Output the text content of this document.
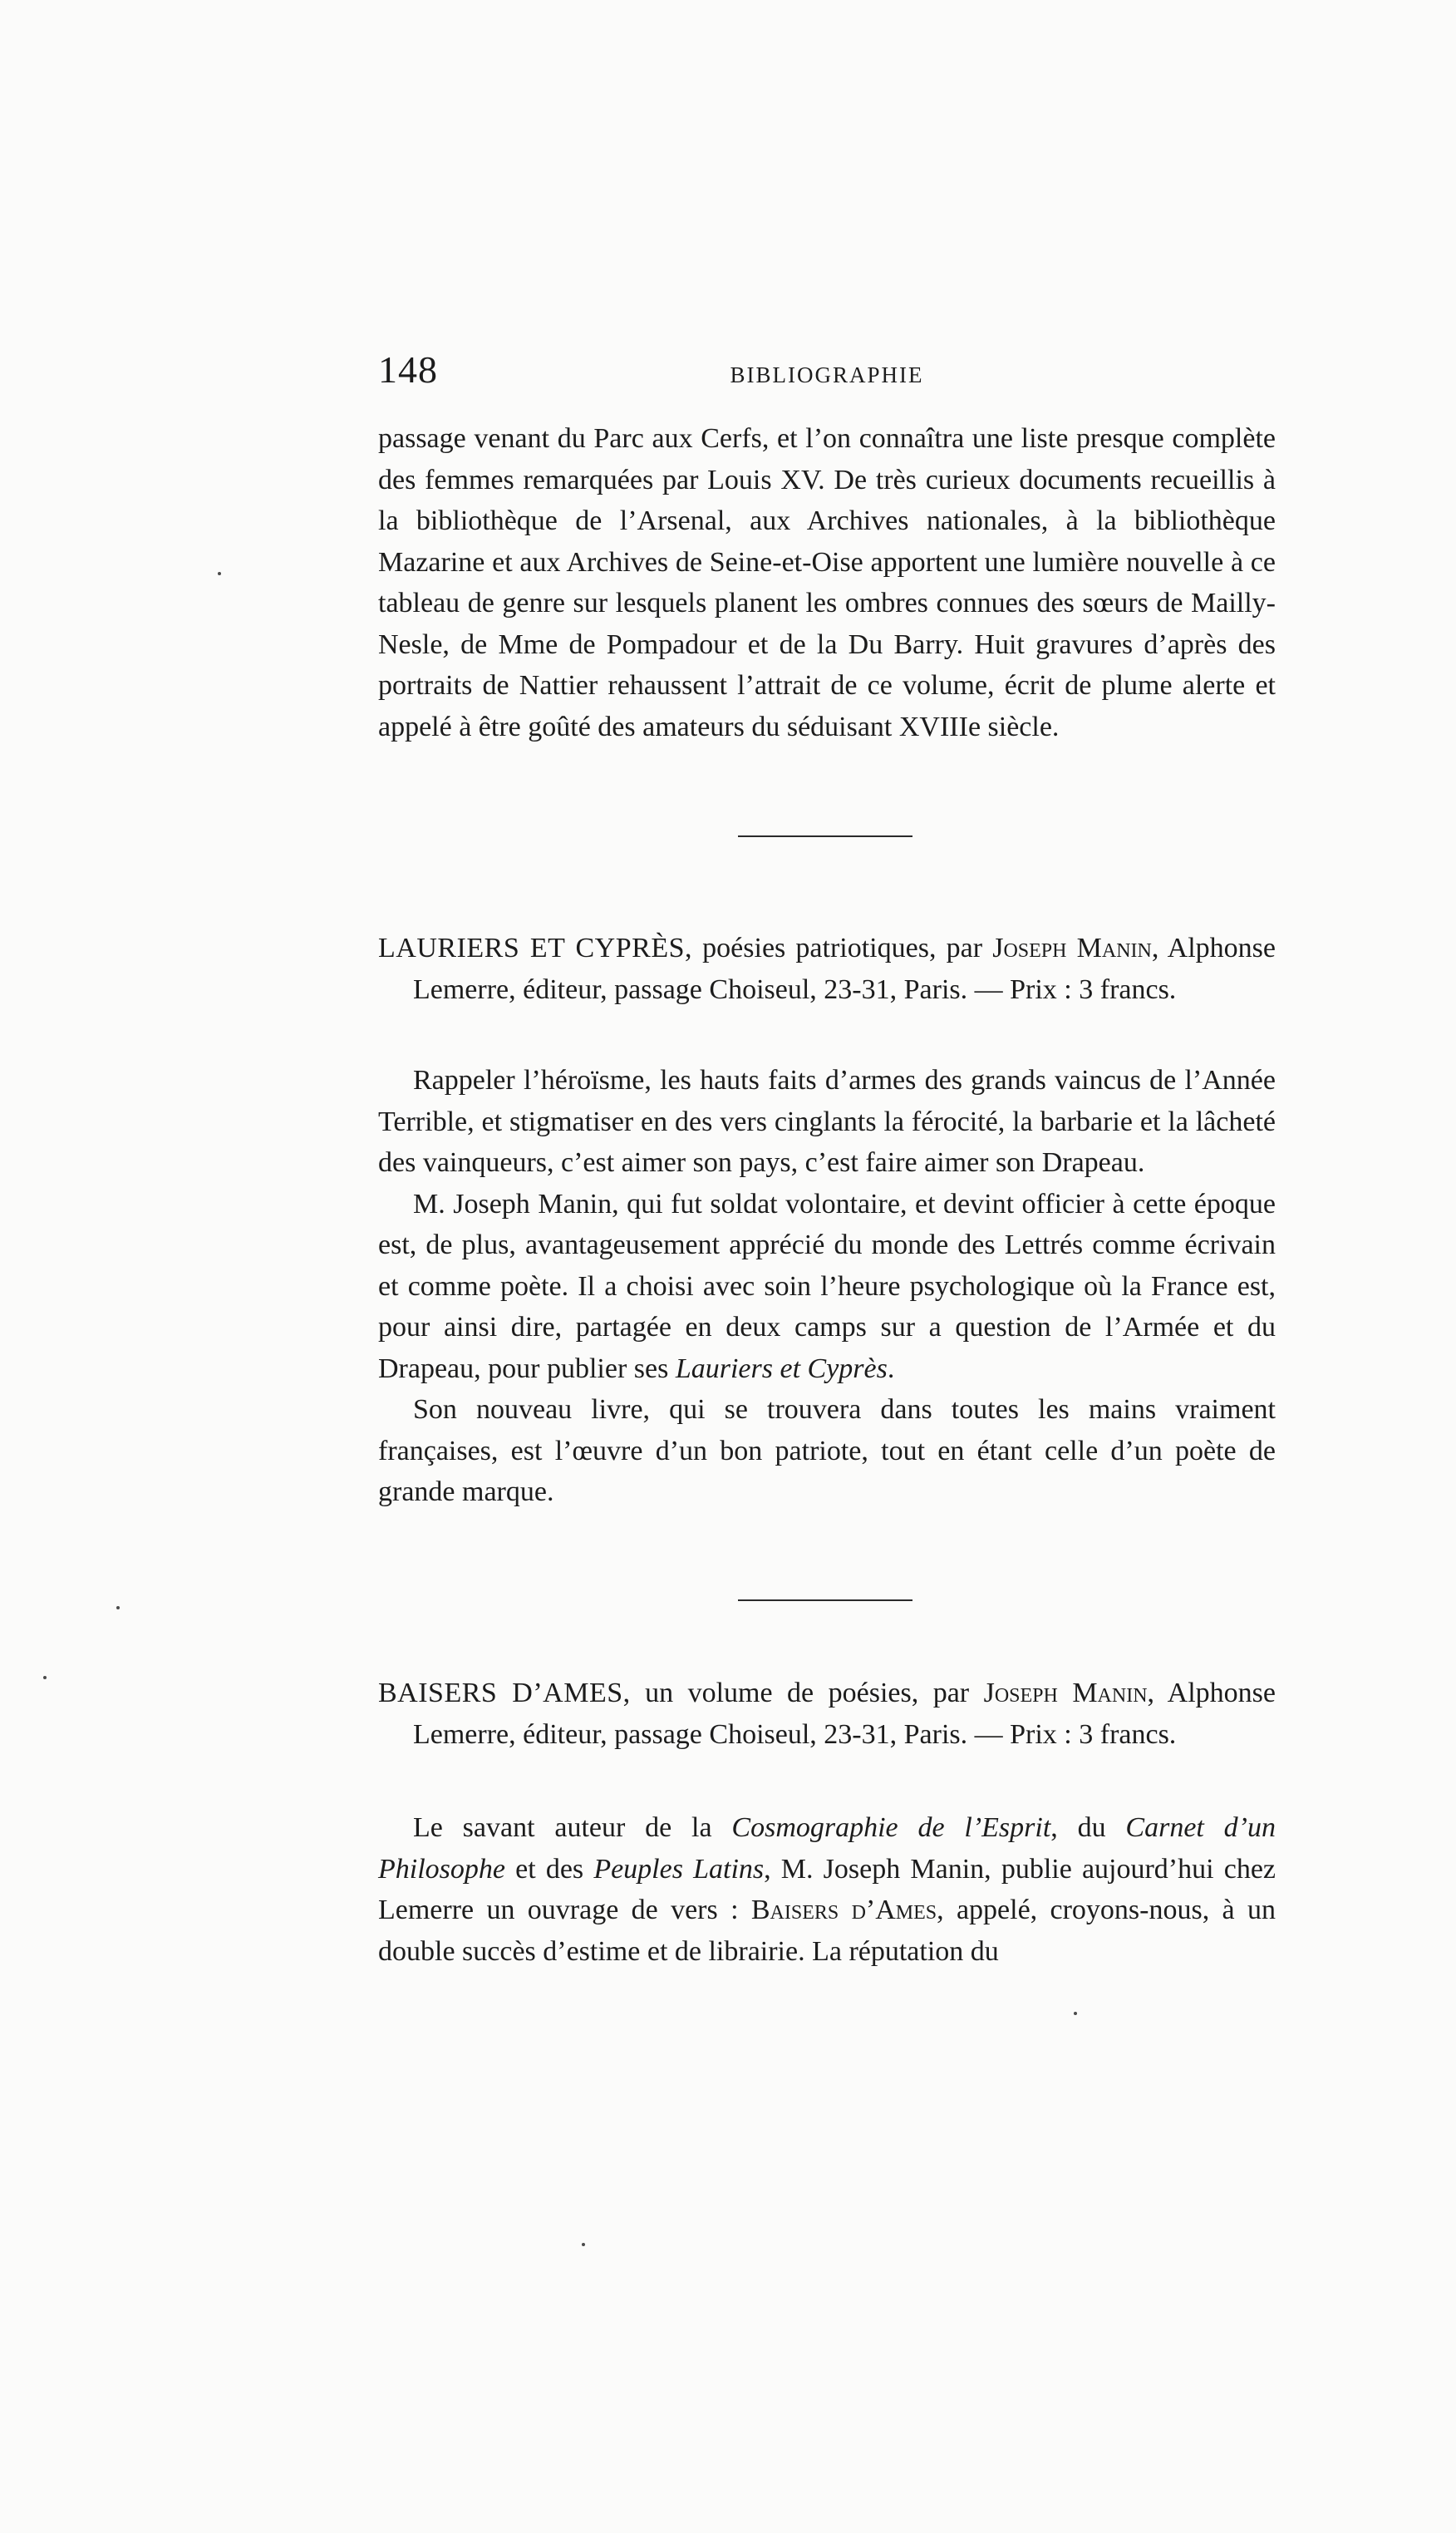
148	BIBLIOGRAPHIE

passage venant du Parc aux Cerfs, et l’on connaîtra une liste presque complète des femmes remarquées par Louis XV. De très curieux documents recueillis à la bibliothèque de l’Arsenal, aux Archives nationales, à la bibliothèque Mazarine et aux Archives de Seine-et-Oise apportent une lumière nouvelle à ce tableau de genre sur lesquels planent les ombres connues des sœurs de Mailly-Nesle, de Mme de Pompadour et de la Du Barry. Huit gravures d’après des portraits de Nattier rehaussent l’attrait de ce volume, écrit de plume alerte et appelé à être goûté des amateurs du séduisant XVIIIe siècle.

LAURIERS ET CYPRÈS, poésies patriotiques, par Joseph Manin, Alphonse Lemerre, éditeur, passage Choiseul, 23-31, Paris. — Prix : 3 francs.

Rappeler l’héroïsme, les hauts faits d’armes des grands vaincus de l’Année Terrible, et stigmatiser en des vers cinglants la férocité, la barbarie et la lâcheté des vainqueurs, c’est aimer son pays, c’est faire aimer son Drapeau.

M. Joseph Manin, qui fut soldat volontaire, et devint officier à cette époque est, de plus, avantageusement apprécié du monde des Lettrés comme écrivain et comme poète. Il a choisi avec soin l’heure psychologique où la France est, pour ainsi dire, partagée en deux camps sur a question de l’Armée et du Drapeau, pour publier ses Lauriers et Cyprès.

Son nouveau livre, qui se trouvera dans toutes les mains vraiment françaises, est l’œuvre d’un bon patriote, tout en étant celle d’un poète de grande marque.

BAISERS D’AMES, un volume de poésies, par Joseph Manin, Alphonse Lemerre, éditeur, passage Choiseul, 23-31, Paris. — Prix : 3 francs.

Le savant auteur de la Cosmographie de l’Esprit, du Carnet d’un Philosophe et des Peuples Latins, M. Joseph Manin, publie aujourd’hui chez Lemerre un ouvrage de vers : Baisers d’Ames, appelé, croyons-nous, à un double succès d’estime et de librairie. La réputation du
